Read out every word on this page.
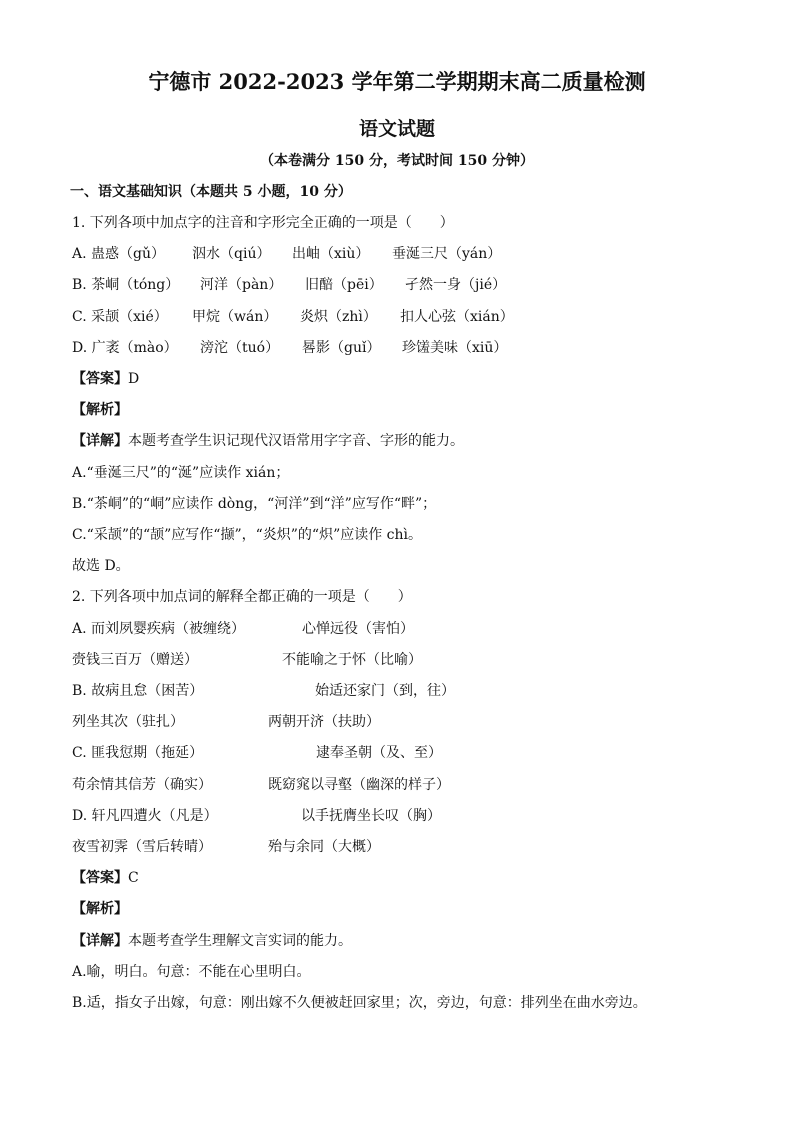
宁德市 2022-2023 学年第二学期期末高二质量检测
语文试题
（本卷满分 150 分，考试时间 150 分钟）
一、语文基础知识（本题共 5 小题，10 分）
1. 下列各项中加点字的注音和字形完全正确的一项是（　　）
A. 蛊惑（gǔ） 泅水（qiú） 出岫（xiù） 垂涎三尺（yán）
B. 茶峒（tóng） 河洋（pàn） 旧醅（pēi） 孑然一身（jié）
C. 采颉（xié） 甲烷（wán） 炎炽（zhì） 扣人心弦（xián）
D. 广袤（mào） 滂沱（tuó） 晷影（guǐ） 珍馐美味（xiū）
【答案】D
【解析】
【详解】本题考查学生识记现代汉语常用字字音、字形的能力。
A.“垂涎三尺”的“涎”应读作 xián；
B.“茶峒”的“峒”应读作 dòng，“河洋”到“洋”应写作“畔”；
C.“采颉”的“颉”应写作“撷”，“炎炽”的“炽”应读作 chì。
故选 D。
2. 下列各项中加点词的解释全都正确的一项是（　　）
A. 而刘夙婴疾病（被缠绕）	心惮远役（害怕）
赍钱三百万（赠送）	不能喻之于怀（比喻）
B. 故病且怠（困苦）	始适还家门（到，往）
列坐其次（驻扎）	两朝开济（扶助）
C. 匪我愆期（拖延）	逮奉圣朝（及、至）
苟余情其信芳（确实）	既窈窕以寻壑（幽深的样子）
D. 轩凡四遭火（凡是）	以手抚膺坐长叹（胸）
夜雪初霁（雪后转晴）	殆与余同（大概）
【答案】C
【解析】
【详解】本题考查学生理解文言实词的能力。
A.喻，明白。句意：不能在心里明白。
B.适，指女子出嫁，句意：刚出嫁不久便被赶回家里；次，旁边，句意：排列坐在曲水旁边。
